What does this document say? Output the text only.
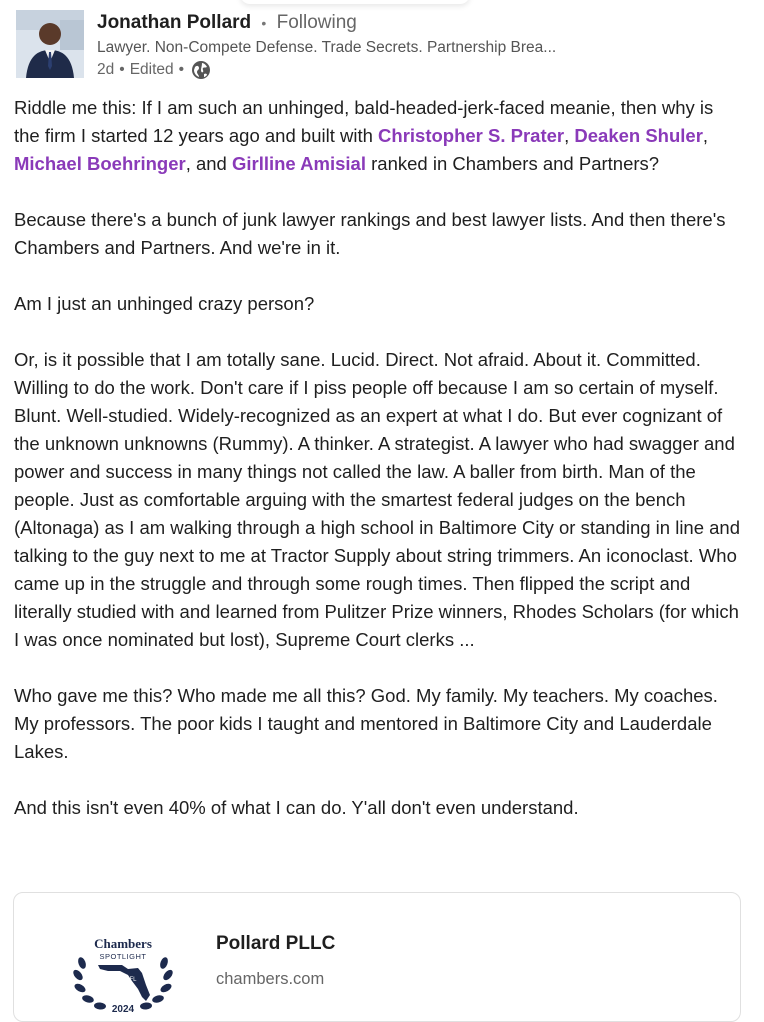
Jonathan Pollard • Following
Lawyer. Non-Compete Defense. Trade Secrets. Partnership Brea...
2d • Edited •

Riddle me this: If I am such an unhinged, bald-headed-jerk-faced meanie, then why is the firm I started 12 years ago and built with Christopher S. Prater, Deaken Shuler, Michael Boehringer, and Girlline Amisial ranked in Chambers and Partners?

Because there's a bunch of junk lawyer rankings and best lawyer lists. And then there's Chambers and Partners. And we're in it.

Am I just an unhinged crazy person?

Or, is it possible that I am totally sane. Lucid. Direct. Not afraid. About it. Committed. Willing to do the work. Don't care if I piss people off because I am so certain of myself. Blunt. Well-studied. Widely-recognized as an expert at what I do. But ever cognizant of the unknown unknowns (Rummy). A thinker. A strategist. A lawyer who had swagger and power and success in many things not called the law. A baller from birth. Man of the people. Just as comfortable arguing with the smartest federal judges on the bench (Altonaga) as I am walking through a high school in Baltimore City or standing in line and talking to the guy next to me at Tractor Supply about string trimmers. An iconoclast. Who came up in the struggle and through some rough times. Then flipped the script and literally studied with and learned from Pulitzer Prize winners, Rhodes Scholars (for which I was once nominated but lost), Supreme Court clerks ...

Who gave me this? Who made me all this? God. My family. My teachers. My coaches. My professors. The poor kids I taught and mentored in Baltimore City and Lauderdale Lakes.

And this isn't even 40% of what I can do. Y'all don't even understand.

Chambers
SPOTLIGHT
FL
2024
Pollard PLLC
chambers.com
